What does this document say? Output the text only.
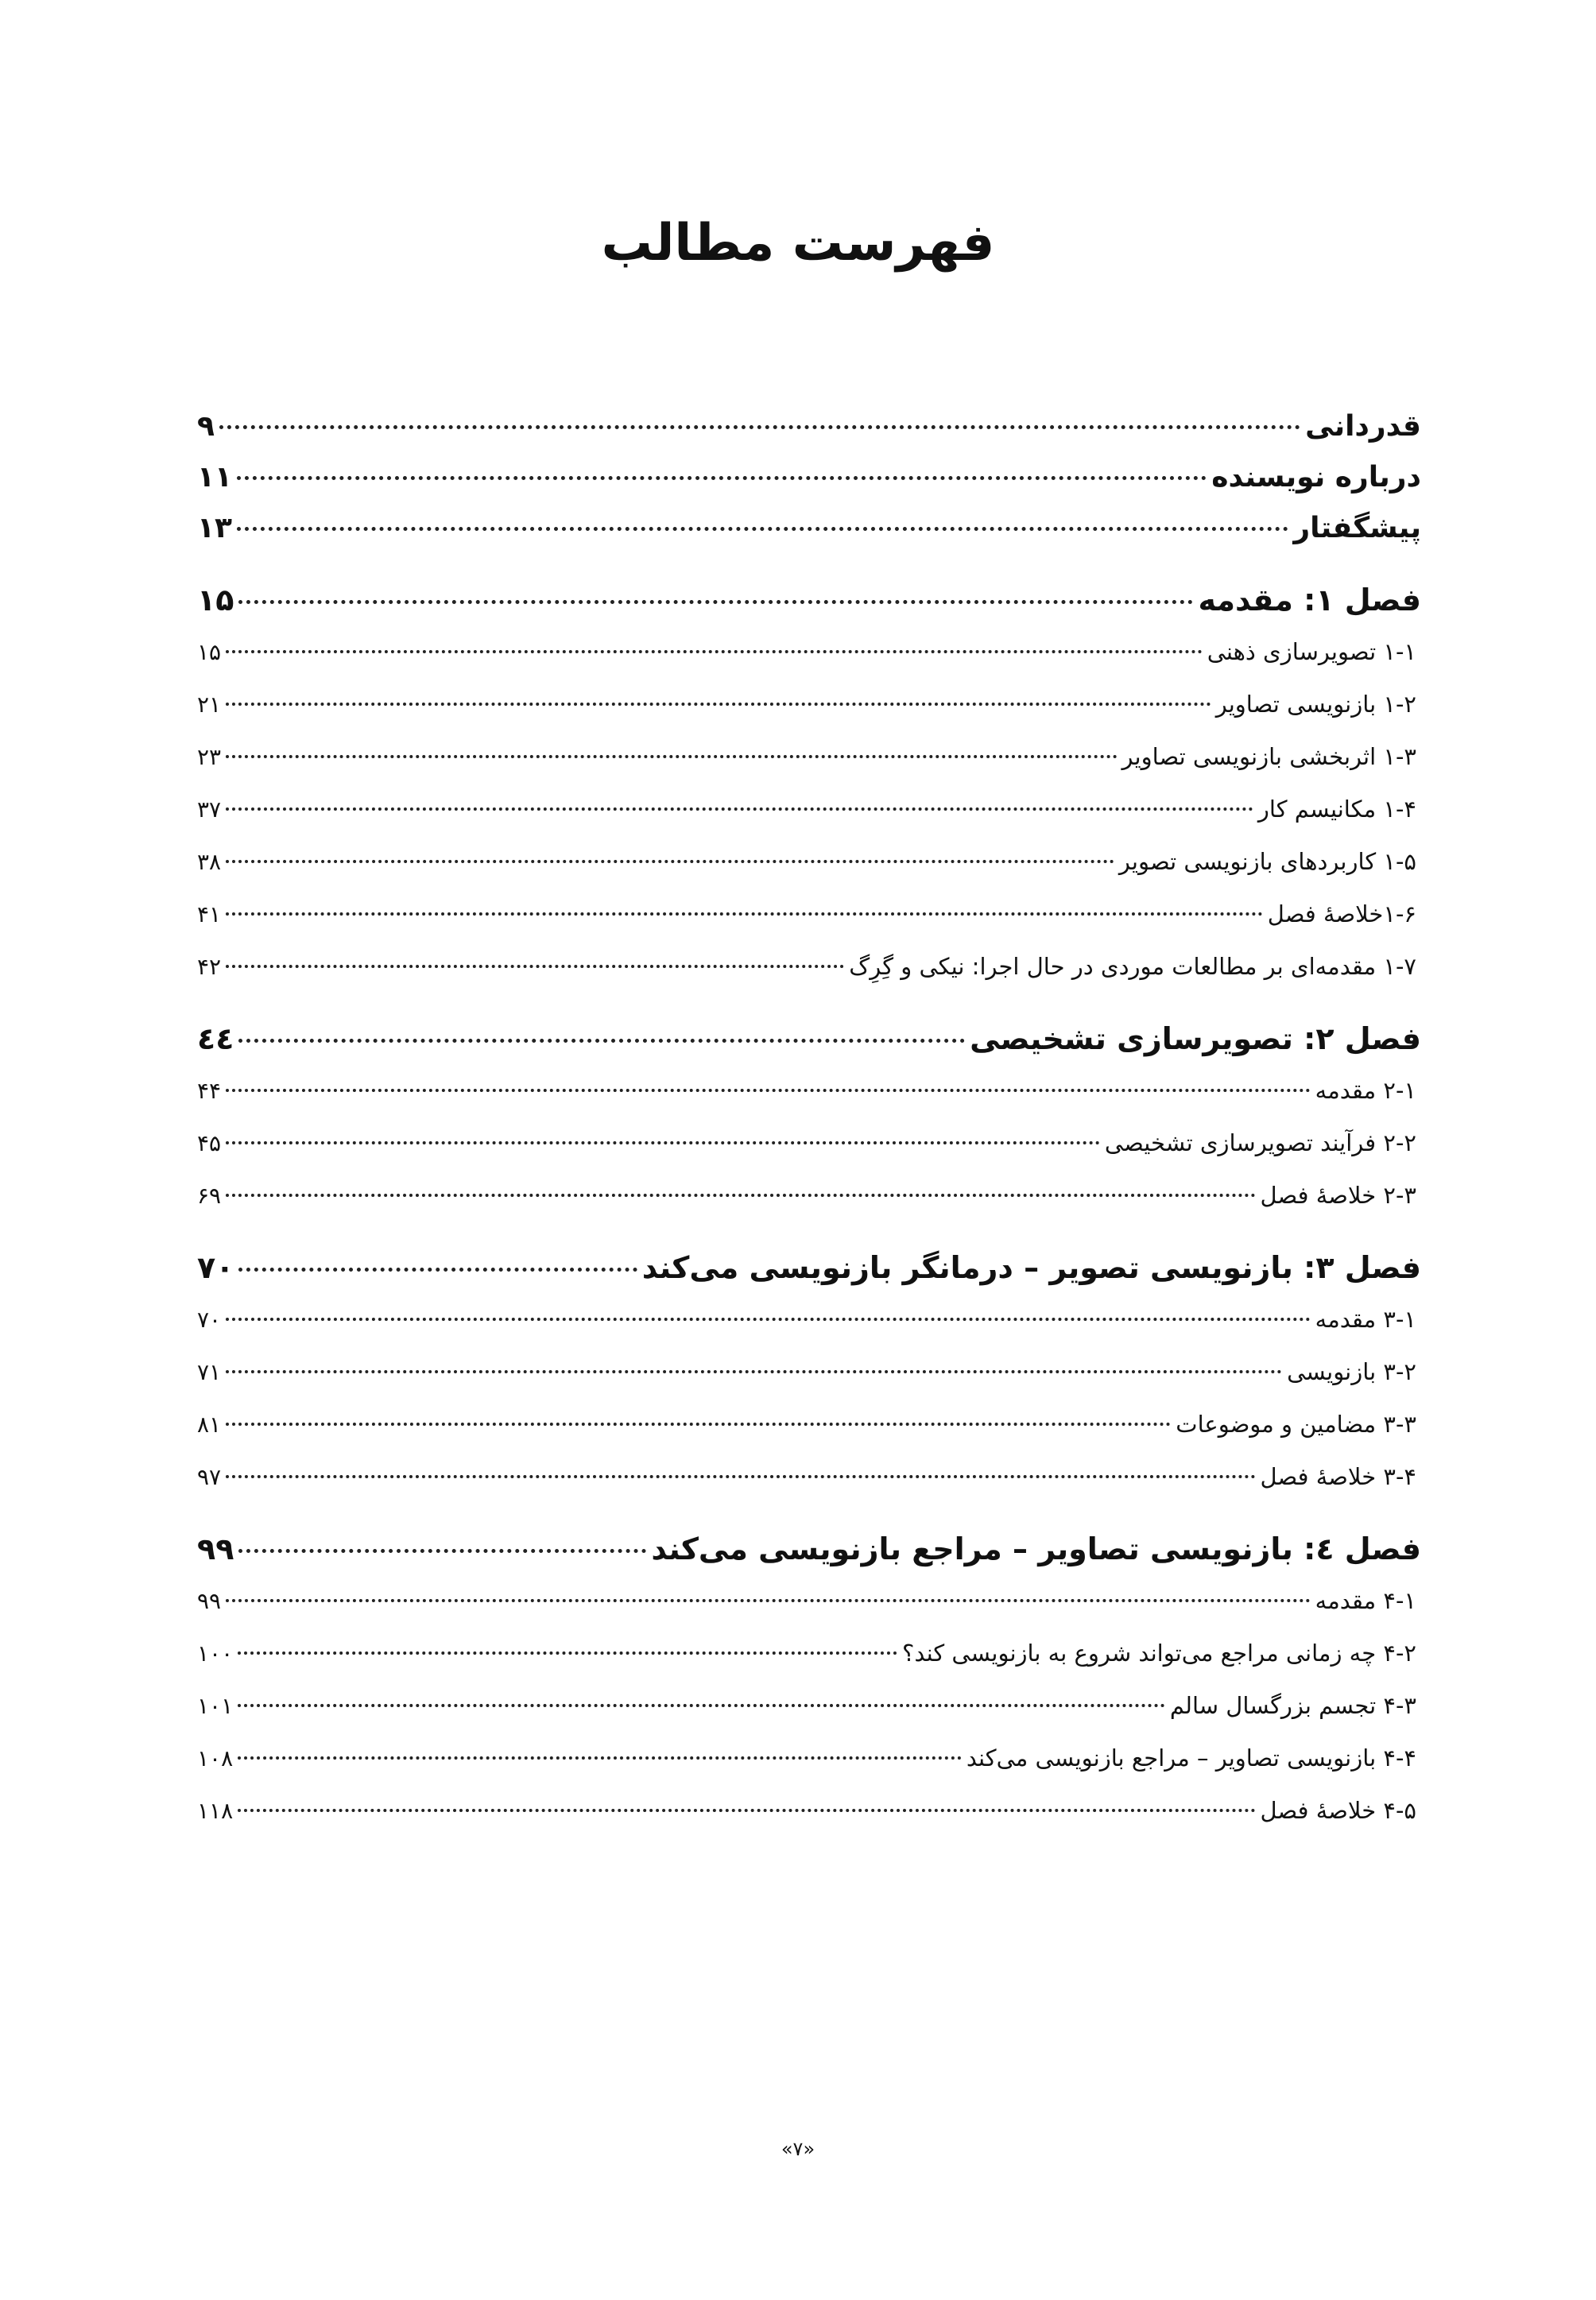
فهرست مطالب
قدردانی
۹
درباره نویسنده
۱۱
پیشگفتار
۱۳
فصل ۱: مقدمه
۱۵
۱-۱ تصویرسازی ذهنی
۱۵
۱-۲ بازنویسی تصاویر
۲۱
۱-۳ اثربخشی بازنویسی تصاویر
۲۳
۱-۴ مکانیسم کار
۳۷
۱-۵ کاربردهای بازنویسی تصویر
۳۸
۱-۶خلاصهٔ فصل
۴۱
۱-۷ مقدمه‌ای بر مطالعات موردی در حال اجرا: نیکی و گِرِگ
۴۲
فصل ۲: تصویرسازی تشخیصی
٤٤
۲-۱ مقدمه
۴۴
۲-۲ فرآیند تصویرسازی تشخیصی
۴۵
۲-۳ خلاصهٔ فصل
۶۹
فصل ۳: بازنویسی تصویر – درمانگر بازنویسی می‌کند
۷۰
۳-۱ مقدمه
۷۰
۳-۲ بازنویسی
۷۱
۳-۳ مضامین و موضوعات
۸۱
۳-۴ خلاصهٔ فصل
۹۷
فصل ٤: بازنویسی تصاویر – مراجع بازنویسی می‌کند
۹۹
۴-۱ مقدمه
۹۹
۴-۲ چه زمانی مراجع می‌تواند شروع به بازنویسی کند؟
۱۰۰
۴-۳ تجسم بزرگسال سالم
۱۰۱
۴-۴ بازنویسی تصاویر – مراجع بازنویسی می‌کند
۱۰۸
۴-۵ خلاصهٔ فصل
۱۱۸
«۷»
